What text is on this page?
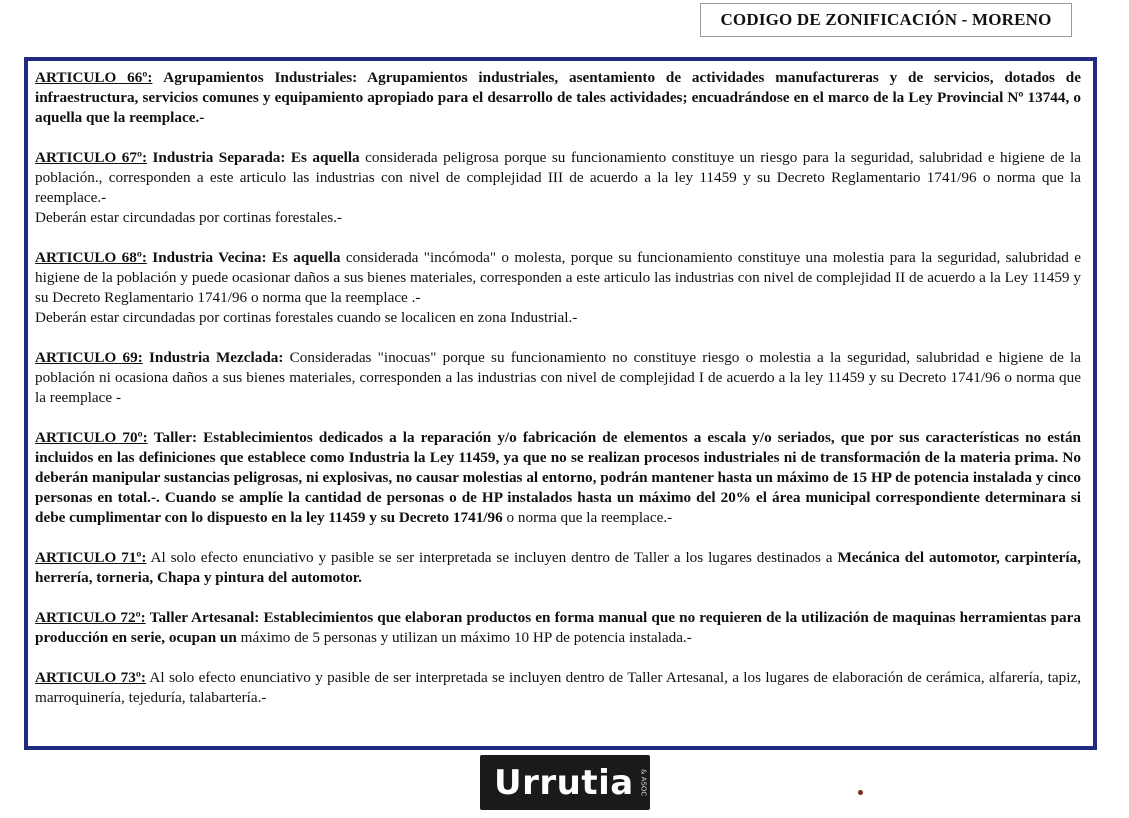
CODIGO DE ZONIFICACIÓN - MORENO

ARTICULO 66º: Agrupamientos Industriales: Agrupamientos industriales, asentamiento de actividades manufactureras y de servicios, dotados de infraestructura, servicios comunes y equipamiento apropiado para el desarrollo de tales actividades; encuadrándose en el marco de la Ley Provincial Nº 13744, o aquella que la reemplace.-

ARTICULO 67º: Industria Separada: Es aquella considerada peligrosa porque su funcionamiento constituye un riesgo para la seguridad, salubridad e higiene de la población., corresponden a este articulo las industrias con nivel de complejidad III de acuerdo a la ley 11459 y su Decreto Reglamentario 1741/96 o norma que la reemplace.-
Deberán estar circundadas por cortinas forestales.-

ARTICULO 68º: Industria Vecina: Es aquella considerada "incómoda" o molesta, porque su funcionamiento constituye una molestia para la seguridad, salubridad e higiene de la población y puede ocasionar daños a sus bienes materiales, corresponden a este articulo las industrias con nivel de complejidad II de acuerdo a la Ley 11459 y su Decreto Reglamentario 1741/96 o norma que la reemplace .-
Deberán estar circundadas por cortinas forestales cuando se localicen en zona Industrial.-

ARTICULO 69: Industria Mezclada: Consideradas "inocuas" porque su funcionamiento no constituye riesgo o molestia a la seguridad, salubridad e higiene de la población ni ocasiona daños a sus bienes materiales, corresponden a las industrias con nivel de complejidad I de acuerdo a la ley 11459 y su Decreto 1741/96 o norma que la reemplace -

ARTICULO 70º: Taller: Establecimientos dedicados a la reparación y/o fabricación de elementos a escala y/o seriados, que por sus características no están incluidos en las definiciones que establece como Industria la Ley 11459, ya que no se realizan procesos industriales ni de transformación de la materia prima. No deberán manipular sustancias peligrosas, ni explosivas, no causar molestias al entorno, podrán mantener hasta un máximo de 15 HP de potencia instalada y cinco personas en total.-. Cuando se amplíe la cantidad de personas o de HP instalados hasta un máximo del 20% el área municipal correspondiente determinara si debe cumplimentar con lo dispuesto en la ley 11459 y su Decreto 1741/96 o norma que la reemplace.-

ARTICULO 71º: Al solo efecto enunciativo y pasible se ser interpretada se incluyen dentro de Taller a los lugares destinados a Mecánica del automotor, carpintería, herrería, torneria, Chapa y pintura del automotor.

ARTICULO 72º: Taller Artesanal: Establecimientos que elaboran productos en forma manual que no requieren de la utilización de maquinas herramientas para producción en serie, ocupan un máximo de 5 personas y utilizan un máximo 10 HP de potencia instalada.-

ARTICULO 73º: Al solo efecto enunciativo y pasible de ser interpretada se incluyen dentro de Taller Artesanal, a los lugares de elaboración de cerámica, alfarería, tapiz, marroquinería, tejeduría, talabartería.-

Urrutia & ASOC
